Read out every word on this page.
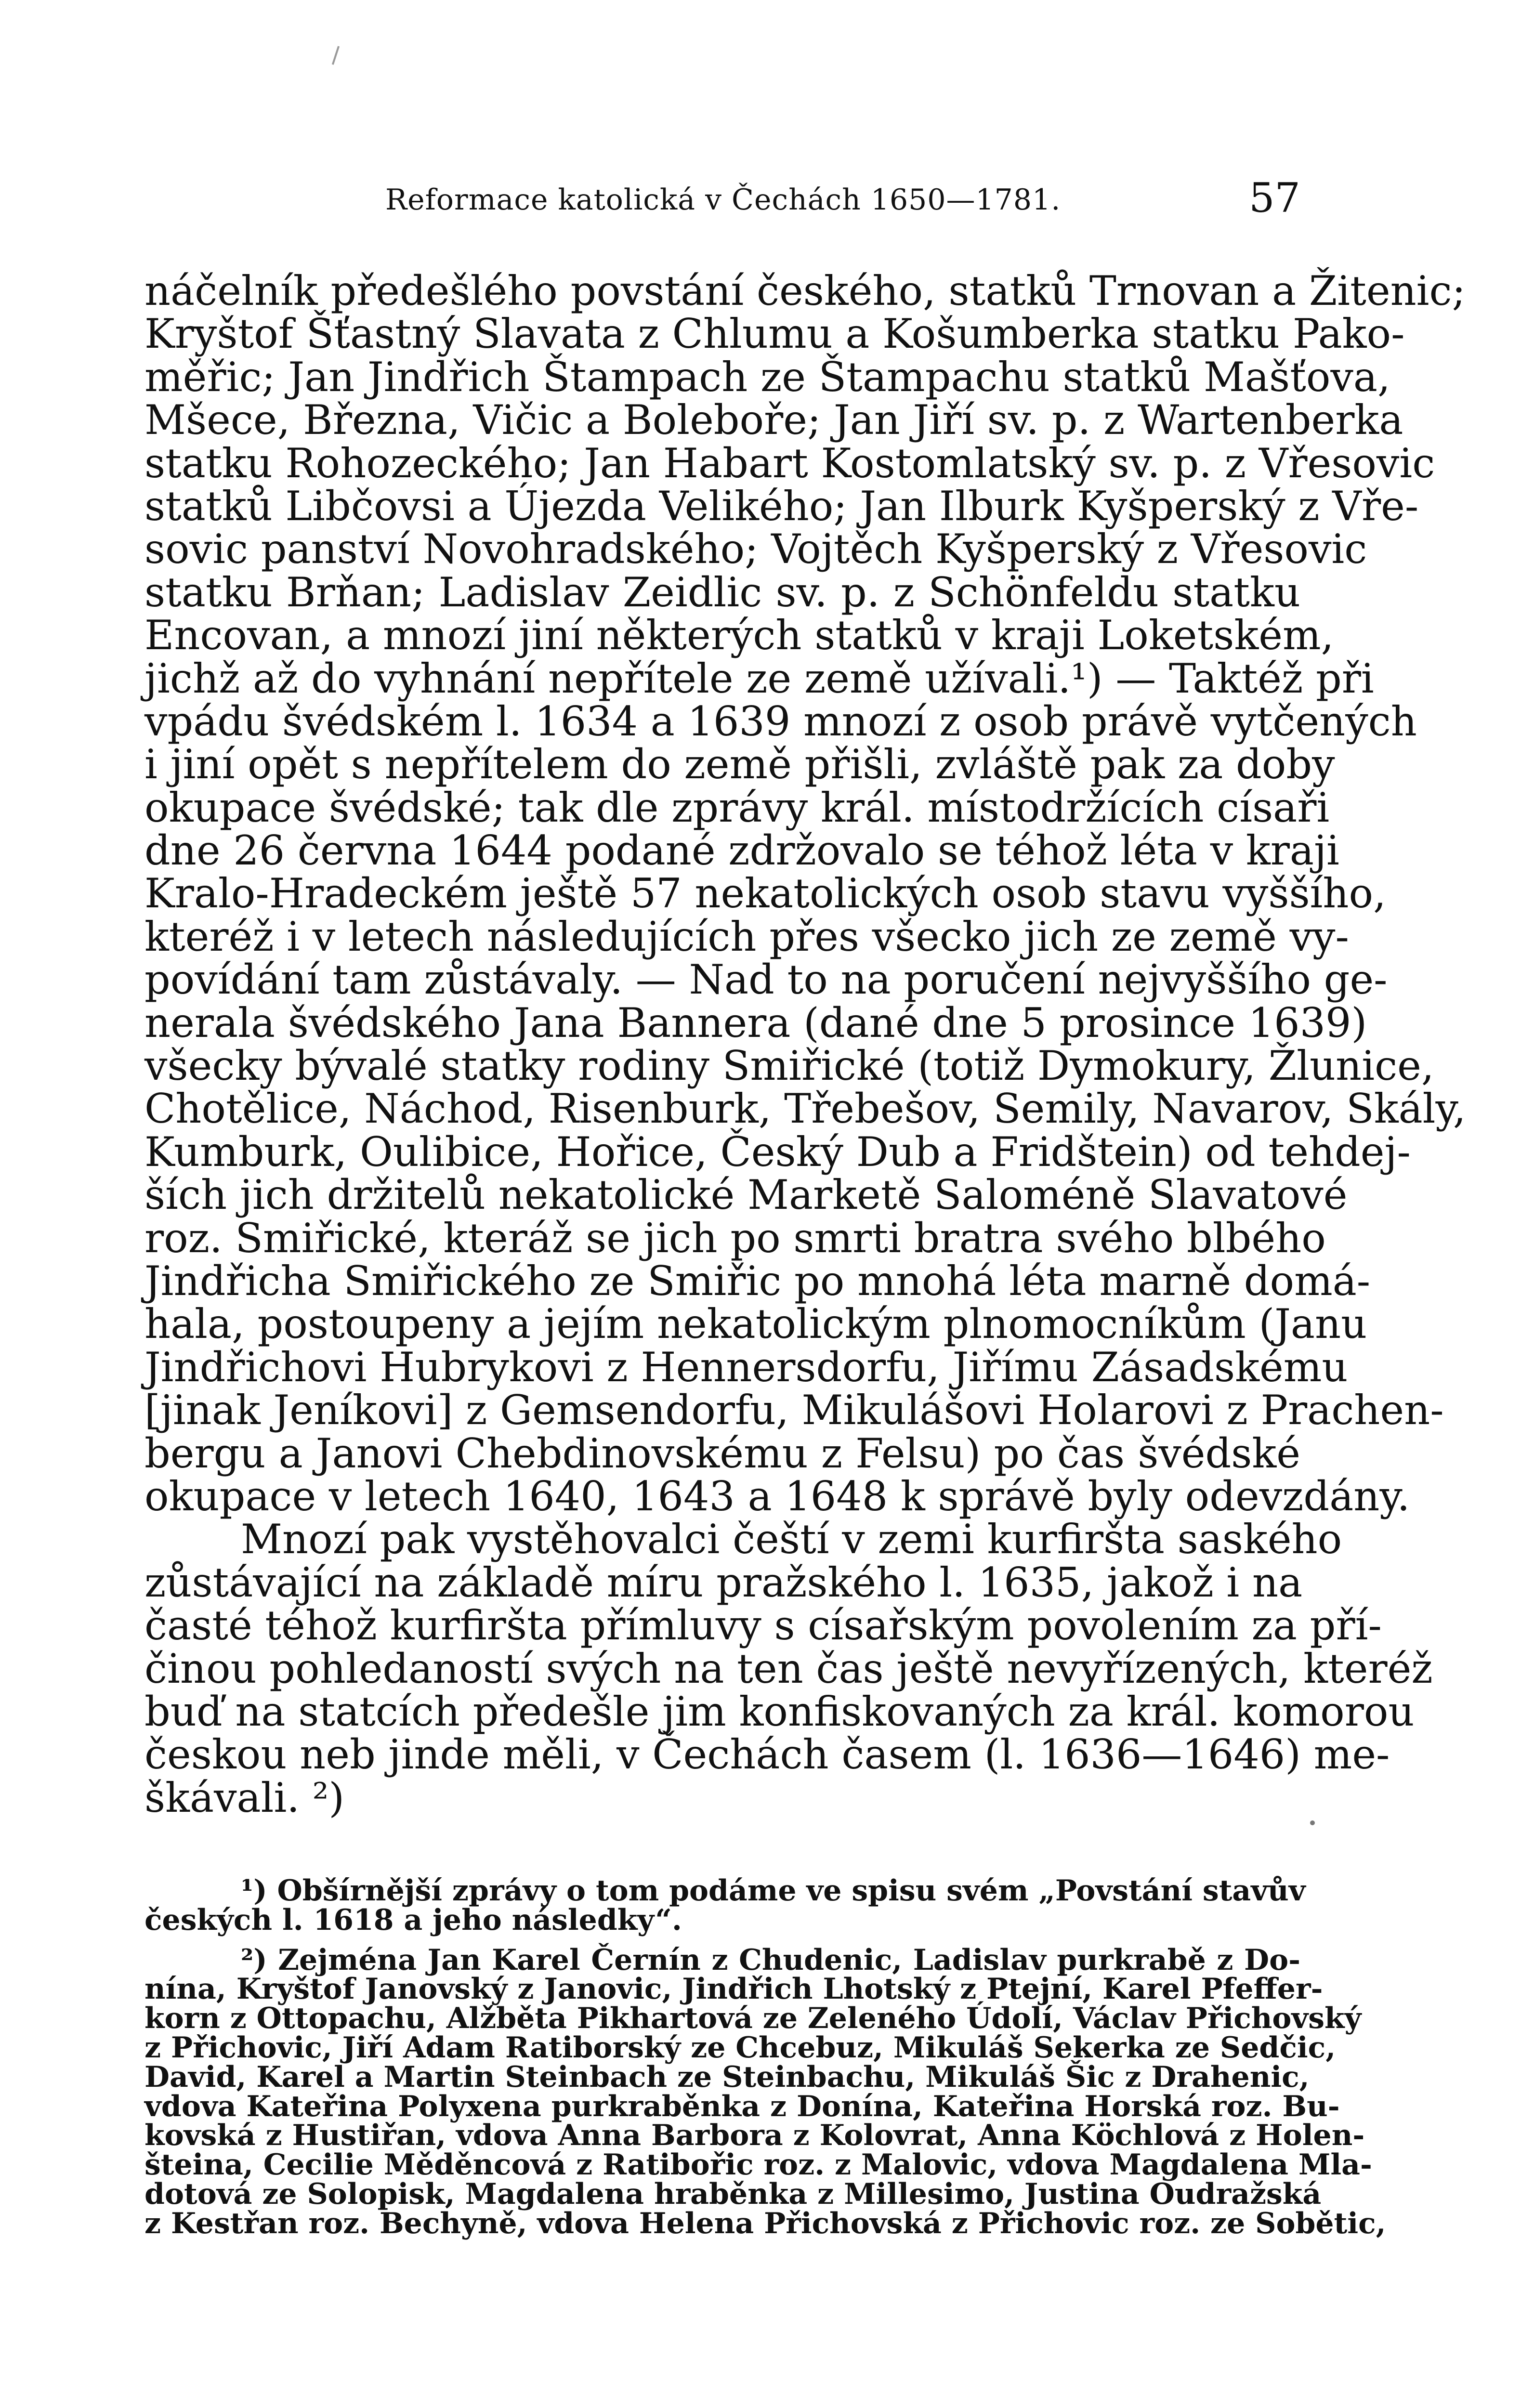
Reformace katolická v Čechách 1650—1781.	57
náčelník předešlého povstání českého, statků Trnovan a Žitenic;
Kryštof Šťastný Slavata z Chlumu a Košumberka statku Pako-
měřic; Jan Jindřich Štampach ze Štampachu statků Mašťova,
Mšece, Března, Vičic a Boleboře; Jan Jiří sv. p. z Wartenberka
statku Rohozeckého; Jan Habart Kostomlatský sv. p. z Vřesovic
statků Libčovsi a Újezda Velikého; Jan Ilburk Kyšperský z Vře-
sovic panství Novohradského; Vojtěch Kyšperský z Vřesovic
statku Brňan; Ladislav Zeidlic sv. p. z Schönfeldu statku
Encovan, a mnozí jiní některých statků v kraji Loketském,
jichž až do vyhnání nepřítele ze země užívali.¹) — Taktéž při
vpádu švédském l. 1634 a 1639 mnozí z osob právě vytčených
i jiní opět s nepřítelem do země přišli, zvláště pak za doby
okupace švédské; tak dle zprávy král. místodržících císaři
dne 26 června 1644 podané zdržovalo se téhož léta v kraji
Kralo-Hradeckém ještě 57 nekatolických osob stavu vyššího,
kteréž i v letech následujících přes všecko jich ze země vy-
povídání tam zůstávaly. — Nad to na poručení nejvyššího ge-
nerala švédského Jana Bannera (dané dne 5 prosince 1639)
všecky bývalé statky rodiny Smiřické (totiž Dymokury, Žlunice,
Chotělice, Náchod, Risenburk, Třebešov, Semily, Navarov, Skály,
Kumburk, Oulibice, Hořice, Český Dub a Fridštein) od tehdej-
ších jich držitelů nekatolické Marketě Saloméně Slavatové
roz. Smiřické, kteráž se jich po smrti bratra svého blbého
Jindřicha Smiřického ze Smiřic po mnohá léta marně domá-
hala, postoupeny a jejím nekatolickým plnomocníkům (Janu
Jindřichovi Hubrykovi z Hennersdorfu, Jiřímu Zásadskému
[jinak Jeníkovi] z Gemsendorfu, Mikulášovi Holarovi z Prachen-
bergu a Janovi Chebdinovskému z Felsu) po čas švédské
okupace v letech 1640, 1643 a 1648 k správě byly odevzdány.
Mnozí pak vystěhovalci čeští v zemi kurfiršta saského
zůstávající na základě míru pražského l. 1635, jakož i na
časté téhož kurfiršta přímluvy s císařským povolením za pří-
činou pohledaností svých na ten čas ještě nevyřízených, kteréž
buď na statcích předešle jim konfiskovaných za král. komorou
českou neb jinde měli, v Čechách časem (l. 1636—1646) me-
škávali. ²)
¹) Obšírnější zprávy o tom podáme ve spisu svém „Povstání stavův
českých l. 1618 a jeho následky“.
²) Zejména Jan Karel Černín z Chudenic, Ladislav purkrabě z Do-
nína, Kryštof Janovský z Janovic, Jindřich Lhotský z Ptejní, Karel Pfeffer-
korn z Ottopachu, Alžběta Pikhartová ze Zeleného Údolí, Václav Přichovský
z Přichovic, Jiří Adam Ratiborský ze Chcebuz, Mikuláš Sekerka ze Sedčic,
David, Karel a Martin Steinbach ze Steinbachu, Mikuláš Šic z Drahenic,
vdova Kateřina Polyxena purkraběnka z Donína, Kateřina Horská roz. Bu-
kovská z Hustiřan, vdova Anna Barbora z Kolovrat, Anna Köchlová z Holen-
šteina, Cecilie Měděncová z Ratibořic roz. z Malovic, vdova Magdalena Mla-
dotová ze Solopisk, Magdalena hraběnka z Millesimo, Justina Oudražská
z Kestřan roz. Bechyně, vdova Helena Přichovská z Přichovic roz. ze Sobětic,
